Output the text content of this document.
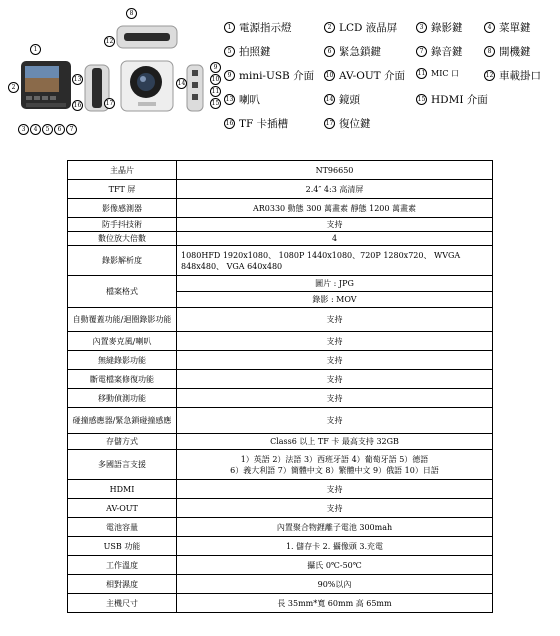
1
2
3	4	5	6	7
8
9
10
11
12
13
14
15
16	17
1 電源指示燈	2 LCD 液晶屏	3 錄影鍵	4 菜單鍵
5 拍照鍵	6 緊急鎖鍵	7 錄音鍵	8 開機鍵
9 mini-USB 介面 10 AV-OUT 介面 11 MIC 口	12 車載掛口
13 喇叭	14 鏡頭	15 HDMI 介面
16 TF 卡插槽	17 復位鍵
主晶片	NT96650
TFT 屏	2.4″ 4:3 高清屏
影像感測器	AR0330 動態 300 萬畫素 靜態 1200 萬畫素
防手抖技術	支持
數位放大倍數	4
錄影解析度	1080HFD 1920x1080、 1080P 1440x1080、720P 1280x720、 WVGA 848x480、 VGA 640x480
檔案格式	圖片 : JPG
錄影 : MOV

自動覆蓋功能/迴圈錄影功能	支持
內置麥克風/喇叭	支持
無縫錄影功能	支持
斷電檔案修復功能	支持
移動偵測功能	支持
碰撞感應器/緊急鎖碰撞感應	支持
存儲方式	Class6 以上 TF 卡 最高支持 32GB
多國語言支援	1）英語 2）法語 3）西班牙語 4）葡萄牙語 5）德語
6）義大利語 7）簡體中文 8）繁體中文 9）俄語 10）日語

HDMI	支持
AV-OUT	支持
電池容量	內置聚合物鋰離子電池 300mah
USB 功能	1. 儲存卡 2. 攝像頭 3.充電
工作溫度	攝氏 0℃-50℃
相對濕度	90%以內
主機尺寸	長 35mm*寬 60mm 高 65mm
